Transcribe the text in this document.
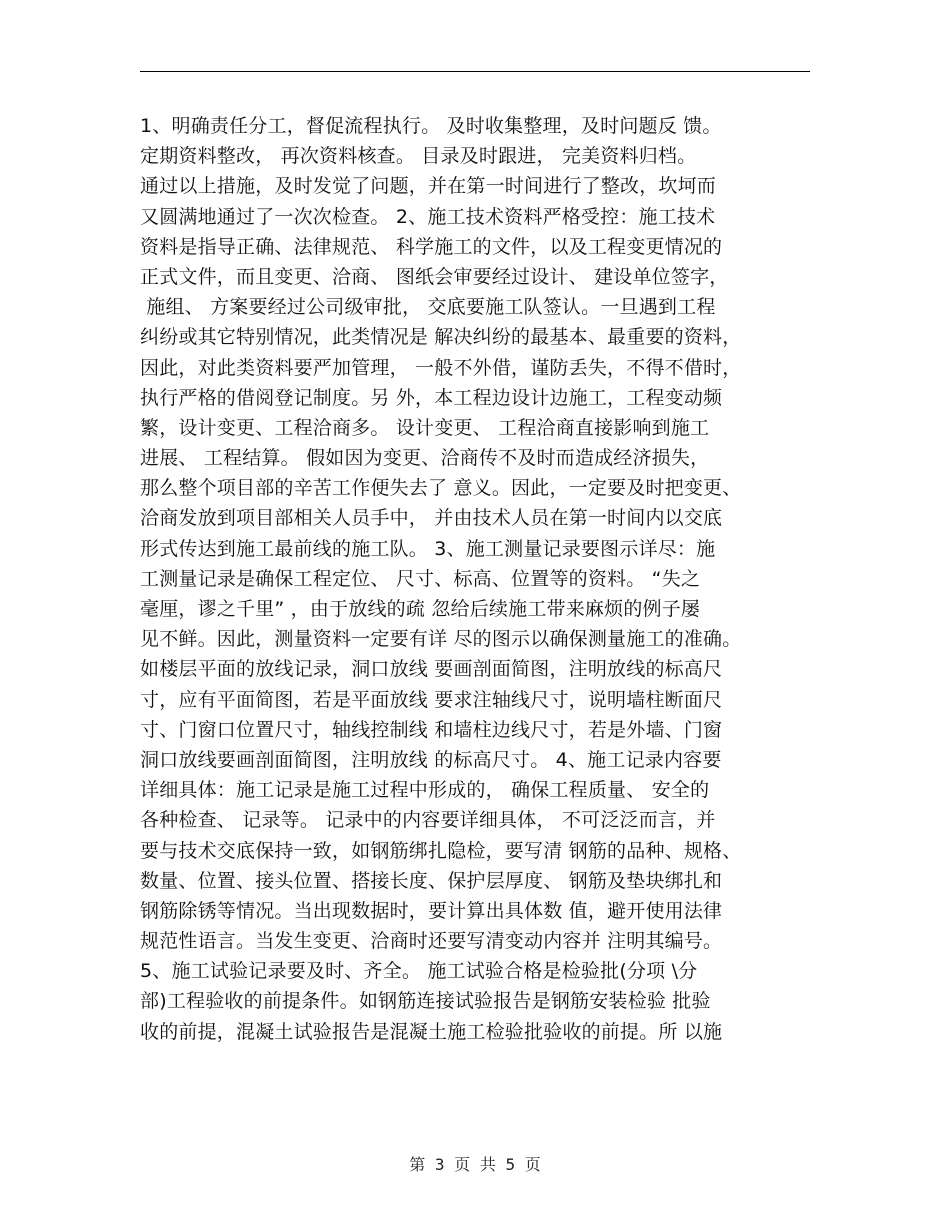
1、明确责任分工，督促流程执行。 及时收集整理，及时问题反 馈。
定期资料整改， 再次资料核查。 目录及时跟进， 完美资料归档。
通过以上措施，及时发觉了问题，并在第一时间进行了整改，坎坷而
又圆满地通过了一次次检查。 2、施工技术资料严格受控：施工技术
资料是指导正确、法律规范、 科学施工的文件，以及工程变更情况的
正式文件，而且变更、洽商、 图纸会审要经过设计、 建设单位签字，
施组、 方案要经过公司级审批， 交底要施工队签认。一旦遇到工程
纠纷或其它特别情况，此类情况是 解决纠纷的最基本、最重要的资料，
因此，对此类资料要严加管理， 一般不外借，谨防丢失，不得不借时，
执行严格的借阅登记制度。另 外，本工程边设计边施工，工程变动频
繁，设计变更、工程洽商多。 设计变更、 工程洽商直接影响到施工
进展、 工程结算。 假如因为变更、洽商传不及时而造成经济损失，
那么整个项目部的辛苦工作便失去了 意义。因此，一定要及时把变更、
洽商发放到项目部相关人员手中， 并由技术人员在第一时间内以交底
形式传达到施工最前线的施工队。 3、施工测量记录要图示详尽：施
工测量记录是确保工程定位、 尺寸、标高、位置等的资料。 “失之
毫厘，谬之千里” ，由于放线的疏 忽给后续施工带来麻烦的例子屡
见不鲜。因此，测量资料一定要有详 尽的图示以确保测量施工的准确。
如楼层平面的放线记录，洞口放线 要画剖面简图，注明放线的标高尺
寸，应有平面简图，若是平面放线 要求注轴线尺寸，说明墙柱断面尺
寸、门窗口位置尺寸，轴线控制线 和墙柱边线尺寸，若是外墙、门窗
洞口放线要画剖面简图，注明放线 的标高尺寸。 4、施工记录内容要
详细具体：施工记录是施工过程中形成的， 确保工程质量、 安全的
各种检查、 记录等。 记录中的内容要详细具体， 不可泛泛而言，并
要与技术交底保持一致，如钢筋绑扎隐检，要写清 钢筋的品种、规格、
数量、位置、接头位置、搭接长度、保护层厚度、 钢筋及垫块绑扎和
钢筋除锈等情况。当出现数据时，要计算出具体数 值，避开使用法律
规范性语言。当发生变更、洽商时还要写清变动内容并 注明其编号。
5、施工试验记录要及时、齐全。 施工试验合格是检验批(分项 \分
部)工程验收的前提条件。如钢筋连接试验报告是钢筋安装检验 批验
收的前提，混凝土试验报告是混凝土施工检验批验收的前提。所 以施
第 3 页 共 5 页
